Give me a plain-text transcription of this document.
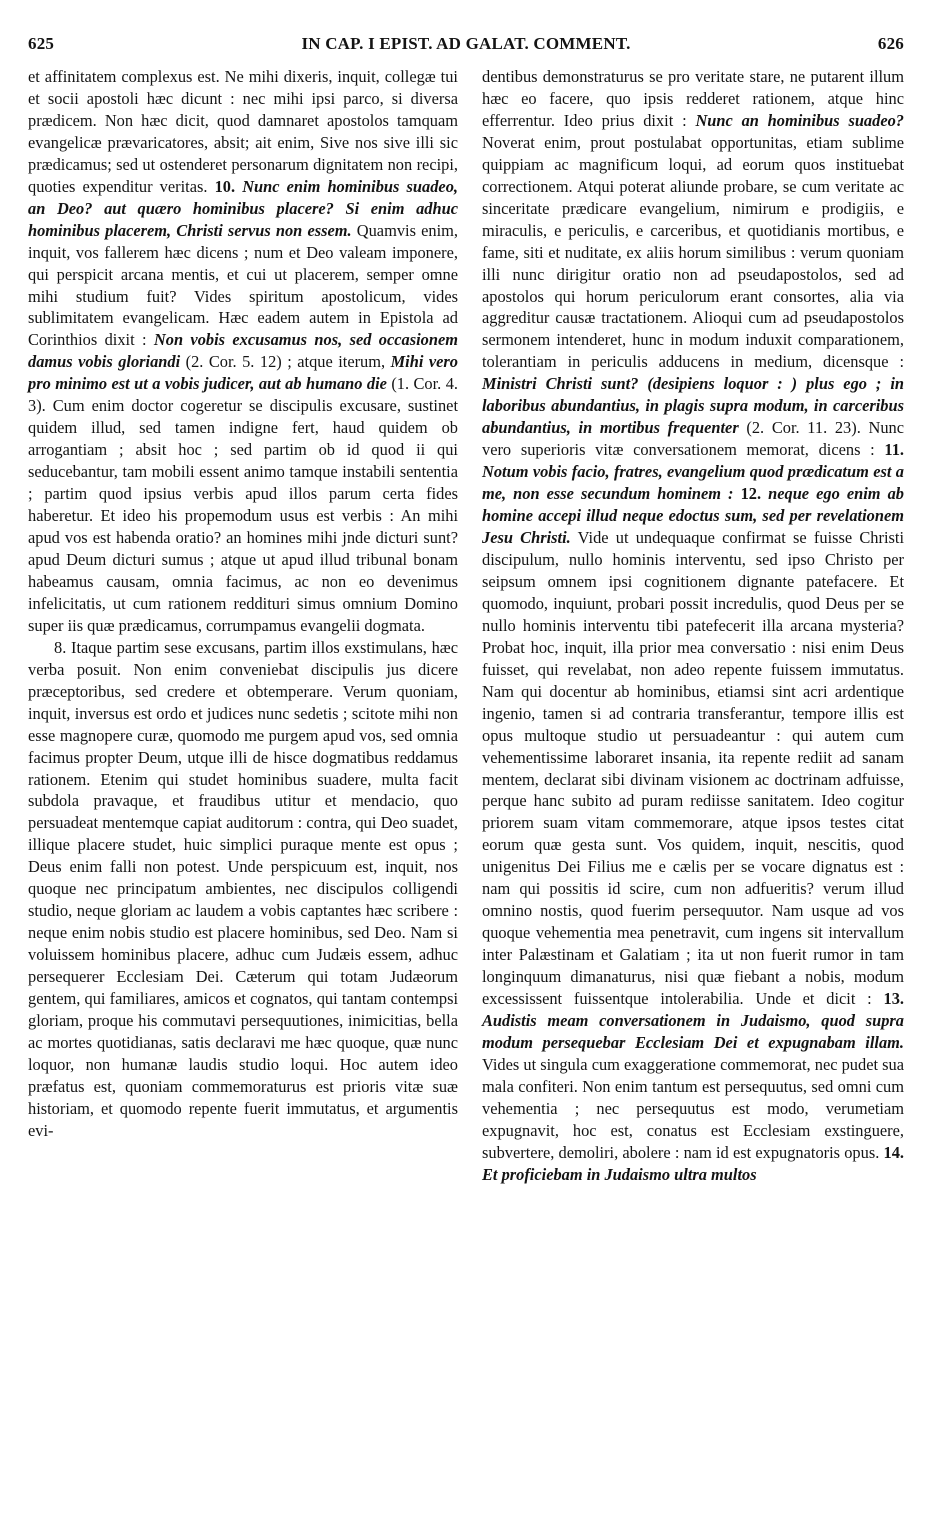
625	IN CAP. I EPIST. AD GALAT. COMMENT.	626

et affinitatem complexus est. Ne mihi dixeris, inquit, collegæ tui et socii apostoli hæc dicunt : nec mihi ipsi parco, si diversa prædicem. Non hæc dicit, quod damnaret apostolos tamquam evangelicæ prævaricatores, absit; ait enim, Sive nos sive illi sic prædicamus; sed ut ostenderet personarum dignitatem non recipi, quoties expenditur veritas. 10. Nunc enim hominibus suadeo, an Deo? aut quæro hominibus placere? Si enim adhuc hominibus placerem, Christi servus non essem. Quamvis enim, inquit, vos fallerem hæc dicens ; num et Deo valeam imponere, qui perspicit arcana mentis, et cui ut placerem, semper omne mihi studium fuit? Vides spiritum apostolicum, vides sublimitatem evangelicam. Hæc eadem autem in Epistola ad Corinthios dixit : Non vobis excusamus nos, sed occasionem damus vobis gloriandi (2. Cor. 5. 12) ; atque iterum, Mihi vero pro minimo est ut a vobis judicer, aut ab humano die (1. Cor. 4. 3). Cum enim doctor cogeretur se discipulis excusare, sustinet quidem illud, sed tamen indigne fert, haud quidem ob arrogantiam ; absit hoc ; sed partim ob id quod ii qui seducebantur, tam mobili essent animo tamque instabili sententia ; partim quod ipsius verbis apud illos parum certa fides haberetur. Et ideo his propemodum usus est verbis : An mihi apud vos est habenda oratio? an homines mihi jnde dicturi sunt? apud Deum dicturi sumus ; atque ut apud illud tribunal bonam habeamus causam, omnia facimus, ac non eo devenimus infelicitatis, ut cum rationem reddituri simus omnium Domino super iis quæ prædicamus, corrumpamus evangelii dogmata.

8. Itaque partim sese excusans, partim illos exstimulans, hæc verba posuit. Non enim conveniebat discipulis jus dicere præceptoribus, sed credere et obtemperare. Verum quoniam, inquit, inversus est ordo et judices nunc sedetis ; scitote mihi non esse magnopere curæ, quomodo me purgem apud vos, sed omnia facimus propter Deum, utque illi de hisce dogmatibus reddamus rationem. Etenim qui studet hominibus suadere, multa facit subdola pravaque, et fraudibus utitur et mendacio, quo persuadeat mentemque capiat auditorum : contra, qui Deo suadet, illique placere studet, huic simplici puraque mente est opus ; Deus enim falli non potest. Unde perspicuum est, inquit, nos quoque nec principatum ambientes, nec discipulos colligendi studio, neque gloriam ac laudem a vobis captantes hæc scribere : neque enim nobis studio est placere hominibus, sed Deo. Nam si voluissem hominibus placere, adhuc cum Judæis essem, adhuc persequerer Ecclesiam Dei. Cæterum qui totam Judæorum gentem, qui familiares, amicos et cognatos, qui tantam contempsi gloriam, proque his commutavi persequutiones, inimicitias, bella ac mortes quotidianas, satis declaravi me hæc quoque, quæ nunc loquor, non humanæ laudis studio loqui. Hoc autem ideo præfatus est, quoniam commemoraturus est prioris vitæ suæ historiam, et quomodo repente fuerit immutatus, et argumentis evi-

dentibus demonstraturus se pro veritate stare, ne putarent illum hæc eo facere, quo ipsis redderet rationem, atque hinc efferrentur. Ideo prius dixit : Nunc an hominibus suadeo? Noverat enim, prout postulabat opportunitas, etiam sublime quippiam ac magnificum loqui, ad eorum quos instituebat correctionem. Atqui poterat aliunde probare, se cum veritate ac sinceritate prædicare evangelium, nimirum e prodigiis, e miraculis, e periculis, e carceribus, et quotidianis mortibus, e fame, siti et nuditate, ex aliis horum similibus : verum quoniam illi nunc dirigitur oratio non ad pseudapostolos, sed ad apostolos qui horum periculorum erant consortes, alia via aggreditur causæ tractationem. Alioqui cum ad pseudapostolos sermonem intenderet, hunc in modum induxit comparationem, tolerantiam in periculis adducens in medium, dicensque : Ministri Christi sunt? (desipiens loquor : ) plus ego ; in laboribus abundantius, in plagis supra modum, in carceribus abundantius, in mortibus frequenter (2. Cor. 11. 23). Nunc vero superioris vitæ conversationem memorat, dicens : 11. Notum vobis facio, fratres, evangelium quod prædicatum est a me, non esse secundum hominem : 12. neque ego enim ab homine accepi illud neque edoctus sum, sed per revelationem Jesu Christi. Vide ut undequaque confirmat se fuisse Christi discipulum, nullo hominis interventu, sed ipso Christo per seipsum omnem ipsi cognitionem dignante patefacere. Et quomodo, inquiunt, probari possit incredulis, quod Deus per se nullo hominis interventu tibi patefecerit illa arcana mysteria? Probat hoc, inquit, illa prior mea conversatio : nisi enim Deus fuisset, qui revelabat, non adeo repente fuissem immutatus. Nam qui docentur ab hominibus, etiamsi sint acri ardentique ingenio, tamen si ad contraria transferantur, tempore illis est opus multoque studio ut persuadeantur : qui autem cum vehementissime laboraret insania, ita repente rediit ad sanam mentem, declarat sibi divinam visionem ac doctrinam adfuisse, perque hanc subito ad puram rediisse sanitatem. Ideo cogitur priorem suam vitam commemorare, atque ipsos testes citat eorum quæ gesta sunt. Vos quidem, inquit, nescitis, quod unigenitus Dei Filius me e cælis per se vocare dignatus est : nam qui possitis id scire, cum non adfueritis? verum illud omnino nostis, quod fuerim persequutor. Nam usque ad vos quoque vehementia mea penetravit, cum ingens sit intervallum inter Palæstinam et Galatiam ; ita ut non fuerit rumor in tam longinquum dimanaturus, nisi quæ fiebant a nobis, modum excessissent fuissentque intolerabilia. Unde et dicit : 13. Audistis meam conversationem in Judaismo, quod supra modum persequebar Ecclesiam Dei et expugnabam illam. Vides ut singula cum exaggeratione commemorat, nec pudet sua mala confiteri. Non enim tantum est persequutus, sed omni cum vehementia ; nec persequutus est modo, verumetiam expugnavit, hoc est, conatus est Ecclesiam exstinguere, subvertere, demoliri, abolere : nam id est expugnatoris opus. 14. Et proficiebam in Judaismo ultra multos
